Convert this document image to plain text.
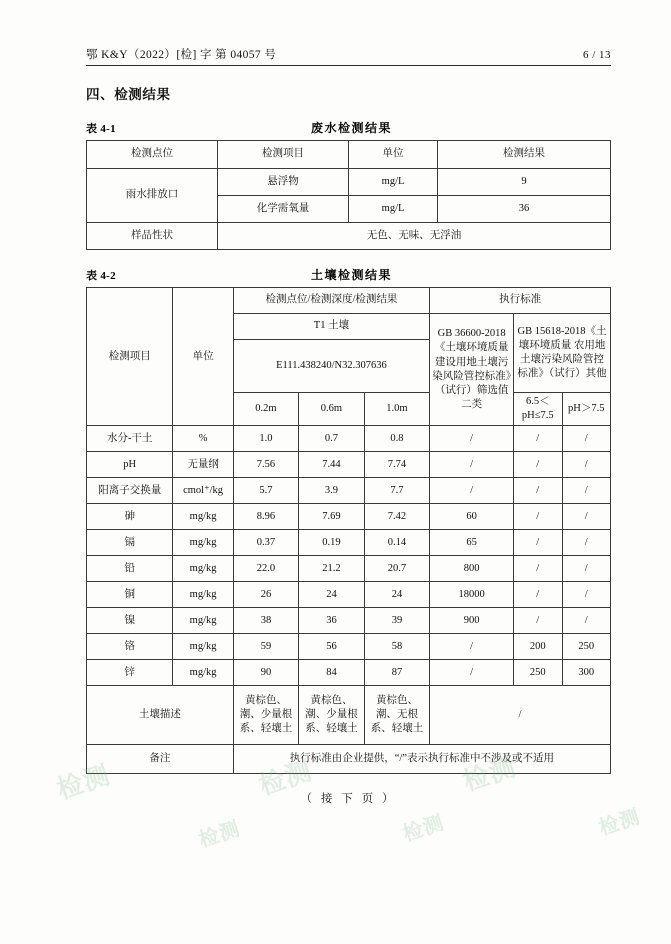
鄂 K&Y（2022）[检] 字 第 04057 号	6 / 13
四、检测结果
表 4-1	废水检测结果
检测点位	检测项目	单位	检测结果
雨水排放口	悬浮物	mg/L	9
	化学需氧量	mg/L	36
样品性状	无色、无味、无浮油		
表 4-2	土壤检测结果
检测项目	单位	检测点位/检测深度/检测结果			执行标准		
		T1 土壤			GB 36600-2018《土壤环境质量 建设用地土壤污染风险管控标准》（试行）筛选值二类	GB 15618-2018《土壤环境质量 农用地土壤污染风险管控标准》（试行）其他	
		E111.438240/N32.307636					
		0.2m	0.6m	1.0m		6.5＜pH≤7.5	pH＞7.5
水分-干土	%	1.0	0.7	0.8	/	/	/
pH	无量纲	7.56	7.44	7.74	/	/	/
阳离子交换量	cmol⁺/kg	5.7	3.9	7.7	/	/	/
砷	mg/kg	8.96	7.69	7.42	60	/	/
镉	mg/kg	0.37	0.19	0.14	65	/	/
铅	mg/kg	22.0	21.2	20.7	800	/	/
铜	mg/kg	26	24	24	18000	/	/
镍	mg/kg	38	36	39	900	/	/
铬	mg/kg	59	56	58	/	200	250
锌	mg/kg	90	84	87	/	250	300
土壤描述		黄棕色、潮、少量根系、轻壤土	黄棕色、潮、少量根系、轻壤土	黄棕色、潮、无根系、轻壤土	/		
备注		执行标准由企业提供，“/”表示执行标准中不涉及或不适用					
（ 接 下 页 ）
检测
检测
检测
检测
检测
检测
